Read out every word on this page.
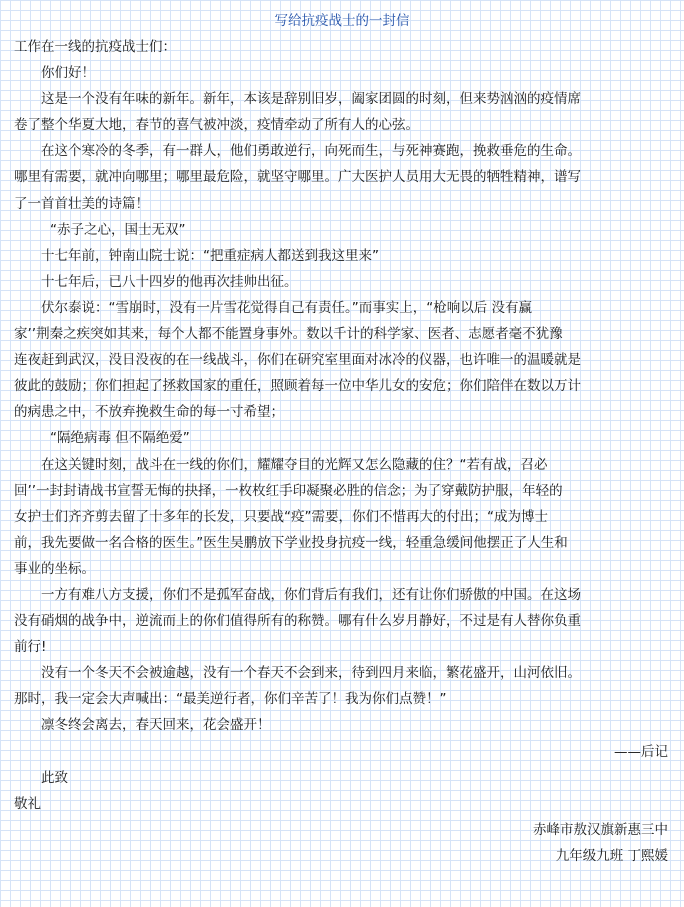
写给抗疫战士的一封信

工作在一线的抗疫战士们：

你们好！

这是一个没有年味的新年。新年，本该是辞别旧岁，阖家团圆的时刻，但来势汹汹的疫情席

卷了整个华夏大地，春节的喜气被冲淡，疫情牵动了所有人的心弦。

在这个寒冷的冬季，有一群人，他们勇敢逆行，向死而生，与死神赛跑，挽救垂危的生命。

哪里有需要，就冲向哪里；哪里最危险，就坚守哪里。广大医护人员用大无畏的牺牲精神，谱写

了一首首壮美的诗篇！

“赤子之心，国士无双”

十七年前，钟南山院士说：“把重症病人都送到我这里来”

十七年后，已八十四岁的他再次挂帅出征。

伏尔泰说：“雪崩时，没有一片雪花觉得自己有责任。”而事实上，“枪响以后 没有赢

家’’荆秦之疾突如其来，每个人都不能置身事外。数以千计的科学家、医者、志愿者毫不犹豫

连夜赶到武汉，没日没夜的在一线战斗，你们在研究室里面对冰冷的仪器，也许唯一的温暖就是

彼此的鼓励；你们担起了拯救国家的重任，照顾着每一位中华儿女的安危；你们陪伴在数以万计

的病患之中，不放弃挽救生命的每一寸希望；

“隔绝病毒 但不隔绝爱”

在这关键时刻，战斗在一线的你们，耀耀夺目的光辉又怎么隐藏的住？“若有战，召必

回’’一封封请战书宣誓无悔的抉择，一枚枚红手印凝聚必胜的信念；为了穿戴防护服，年轻的

女护士们齐齐剪去留了十多年的长发，只要战“疫”需要，你们不惜再大的付出；“成为博士

前，我先要做一名合格的医生。”医生吴鹏放下学业投身抗疫一线，轻重急缓间他摆正了人生和

事业的坐标。

一方有难八方支援，你们不是孤军奋战，你们背后有我们，还有让你们骄傲的中国。在这场

没有硝烟的战争中，逆流而上的你们值得所有的称赞。哪有什么岁月静好，不过是有人替你负重

前行!

没有一个冬天不会被逾越，没有一个春天不会到来，待到四月来临，繁花盛开，山河依旧。

那时，我一定会大声喊出：“最美逆行者，你们辛苦了！我为你们点赞！”

凛冬终会离去，春天回来，花会盛开！

——后记

此致

敬礼

赤峰市敖汉旗新惠三中

九年级九班 丁熙媛
